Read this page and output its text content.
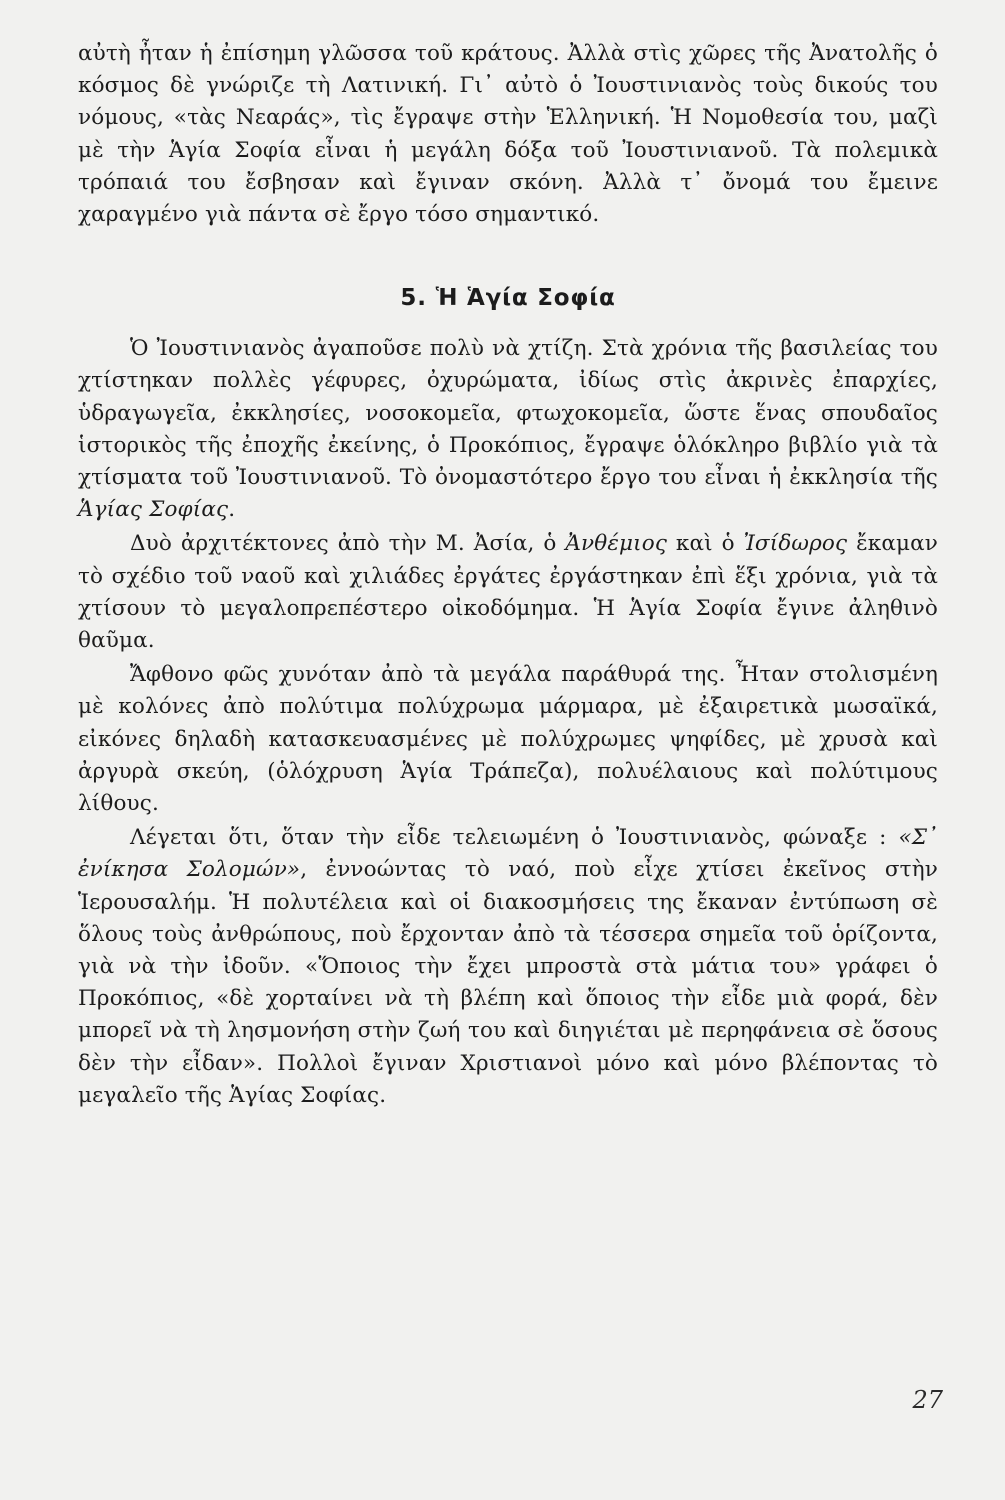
αὐτὴ ἦταν ἡ ἐπίσημη γλῶσσα τοῦ κράτους. Ἀλλὰ στὶς χῶρες τῆς Ἀνατολῆς ὁ κόσμος δὲ γνώριζε τὴ Λατινική. Γι᾿ αὐτὸ ὁ Ἰουστινιανὸς τοὺς δικούς του νόμους, «τὰς Νεαράς», τὶς ἔγραψε στὴν Ἑλληνική. Ἡ Νομοθεσία του, μαζὶ μὲ τὴν Ἁγία Σοφία εἶναι ἡ μεγάλη δόξα τοῦ Ἰουστινιανοῦ. Τὰ πολεμικὰ τρόπαιά του ἔσβησαν καὶ ἔγιναν σκόνη. Ἀλλὰ τ᾿ ὄνομά του ἔμεινε χαραγμένο γιὰ πάντα σὲ ἔργο τόσο σημαντικό.

5. Ἡ Ἁγία Σοφία

Ὁ Ἰουστινιανὸς ἀγαποῦσε πολὺ νὰ χτίζη. Στὰ χρόνια τῆς βασιλείας του χτίστηκαν πολλὲς γέφυρες, ὀχυρώματα, ἰδίως στὶς ἀκρινὲς ἐπαρχίες, ὑδραγωγεῖα, ἐκκλησίες, νοσοκομεῖα, φτωχοκομεῖα, ὥστε ἕνας σπουδαῖος ἱστορικὸς τῆς ἐποχῆς ἐκείνης, ὁ Προκόπιος, ἔγραψε ὁλόκληρο βιβλίο γιὰ τὰ χτίσματα τοῦ Ἰουστινιανοῦ. Τὸ ὀνομαστότερο ἔργο του εἶναι ἡ ἐκκλησία τῆς Ἁγίας Σοφίας.

Δυὸ ἀρχιτέκτονες ἀπὸ τὴν Μ. Ἀσία, ὁ Ἀνθέμιος καὶ ὁ Ἰσίδωρος ἔκαμαν τὸ σχέδιο τοῦ ναοῦ καὶ χιλιάδες ἐργάτες ἐργάστηκαν ἐπὶ ἕξι χρόνια, γιὰ τὰ χτίσουν τὸ μεγαλοπρεπέστερο οἰκοδόμημα. Ἡ Ἁγία Σοφία ἔγινε ἀληθινὸ θαῦμα.

Ἄφθονο φῶς χυνόταν ἀπὸ τὰ μεγάλα παράθυρά της. Ἦταν στολισμένη μὲ κολόνες ἀπὸ πολύτιμα πολύχρωμα μάρμαρα, μὲ ἐξαιρετικὰ μωσαϊκά, εἰκόνες δηλαδὴ κατασκευασμένες μὲ πολύχρωμες ψηφίδες, μὲ χρυσὰ καὶ ἀργυρὰ σκεύη, (ὁλόχρυση Ἁγία Τράπεζα), πολυέλαιους καὶ πολύτιμους λίθους.

Λέγεται ὅτι, ὅταν τὴν εἶδε τελειωμένη ὁ Ἰουστινιανὸς, φώναξε : «Σ᾿ ἐνίκησα Σολομών», ἐννοώντας τὸ ναό, ποὺ εἶχε χτίσει ἐκεῖνος στὴν Ἱερουσαλήμ. Ἡ πολυτέλεια καὶ οἱ διακοσμήσεις της ἔκαναν ἐντύπωση σὲ ὅλους τοὺς ἀνθρώπους, ποὺ ἔρχονταν ἀπὸ τὰ τέσσερα σημεῖα τοῦ ὁρίζοντα, γιὰ νὰ τὴν ἰδοῦν. «Ὅποιος τὴν ἔχει μπροστὰ στὰ μάτια του» γράφει ὁ Προκόπιος, «δὲ χορταίνει νὰ τὴ βλέπη καὶ ὅποιος τὴν εἶδε μιὰ φορά, δὲν μπορεῖ νὰ τὴ λησμονήση στὴν ζωή του καὶ διηγιέται μὲ περηφάνεια σὲ ὅσους δὲν τὴν εἶδαν». Πολλοὶ ἔγιναν Χριστιανοὶ μόνο καὶ μόνο βλέποντας τὸ μεγαλεῖο τῆς Ἁγίας Σοφίας.

27
